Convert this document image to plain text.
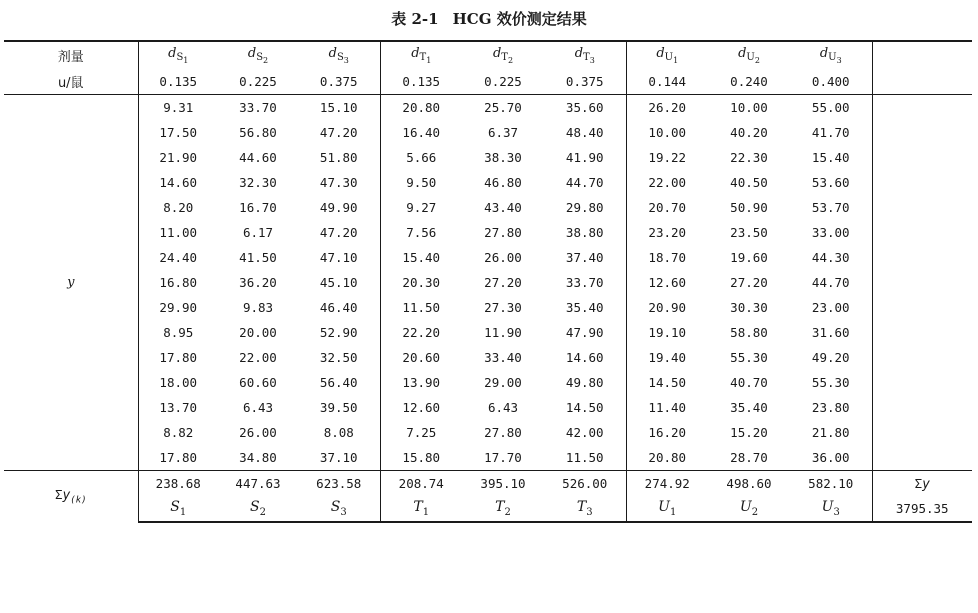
表 2-1 HCG 效价测定结果
剂量	$d_{S_1}$	$d_{S_2}$	$d_{S_3}$	$d_{T_1}$	$d_{T_2}$	$d_{T_3}$	$d_{U_1}$	$d_{U_2}$	$d_{U_3}$	
u/鼠	0.135	0.225	0.375	0.135	0.225	0.375	0.144	0.240	0.400	
y	9.31	33.70	15.10	20.80	25.70	35.60	26.20	10.00	55.00	
	17.50	56.80	47.20	16.40	6.37	48.40	10.00	40.20	41.70	
	21.90	44.60	51.80	5.66	38.30	41.90	19.22	22.30	15.40	
	14.60	32.30	47.30	9.50	46.80	44.70	22.00	40.50	53.60	
	8.20	16.70	49.90	9.27	43.40	29.80	20.70	50.90	53.70	
	11.00	6.17	47.20	7.56	27.80	38.80	23.20	23.50	33.00	
	24.40	41.50	47.10	15.40	26.00	37.40	18.70	19.60	44.30	
	16.80	36.20	45.10	20.30	27.20	33.70	12.60	27.20	44.70	
	29.90	9.83	46.40	11.50	27.30	35.40	20.90	30.30	23.00	
	8.95	20.00	52.90	22.20	11.90	47.90	19.10	58.80	31.60	
	17.80	22.00	32.50	20.60	33.40	14.60	19.40	55.30	49.20	
	18.00	60.60	56.40	13.90	29.00	49.80	14.50	40.70	55.30	
	13.70	6.43	39.50	12.60	6.43	14.50	11.40	35.40	23.80	
	8.82	26.00	8.08	7.25	27.80	42.00	16.20	15.20	21.80	
	17.80	34.80	37.10	15.80	17.70	11.50	20.80	28.70	36.00	
$\Sigma y_{(k)}$	238.68	447.63	623.58	208.74	395.10	526.00	274.92	498.60	582.10	Σy
	$S_1$	$S_2$	$S_3$	$T_1$	$T_2$	$T_3$	$U_1$	$U_2$	$U_3$	3795.35
